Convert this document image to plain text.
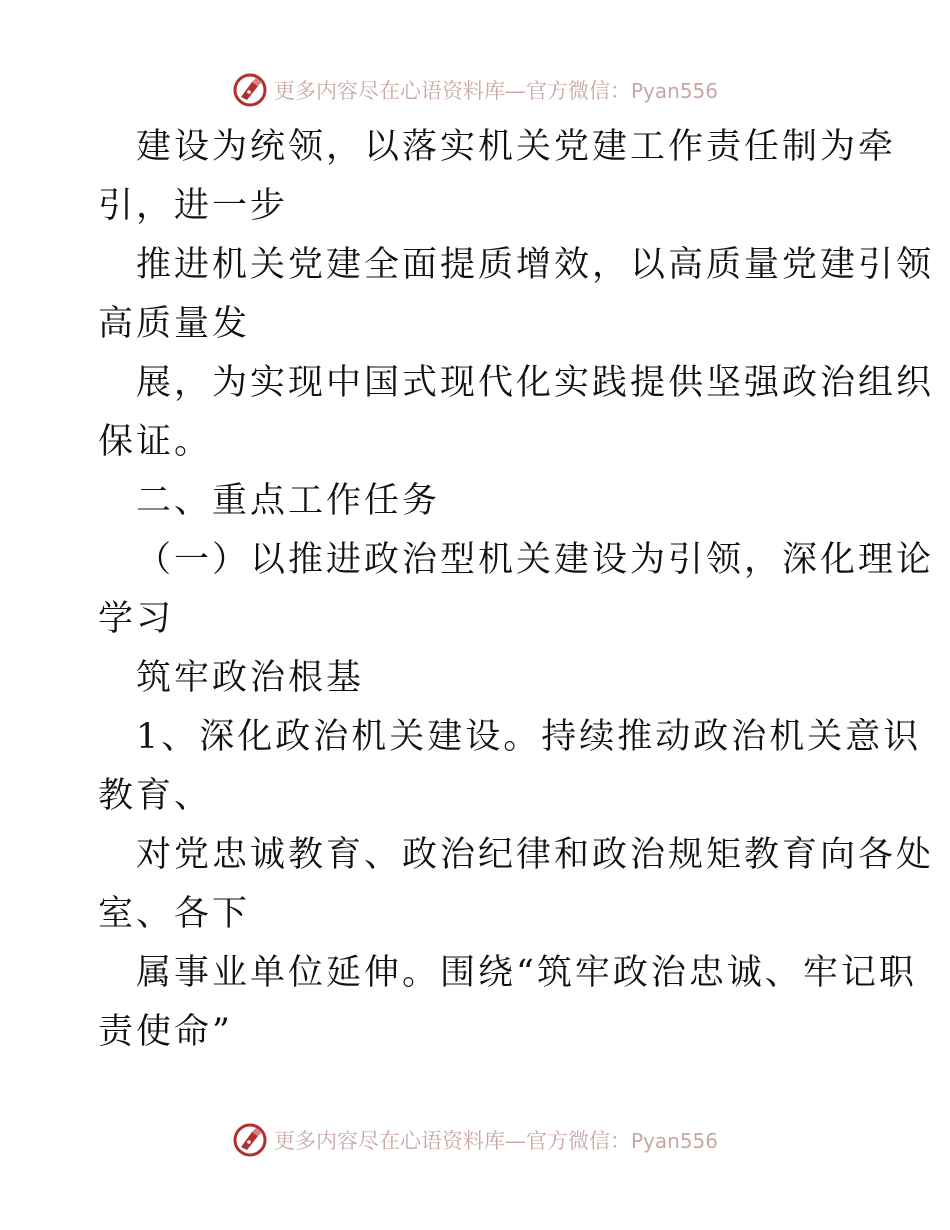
更多内容尽在心语资料库—官方微信：Pyan556
建设为统领，以落实机关党建工作责任制为牵
引，进一步
推进机关党建全面提质增效，以高质量党建引领
高质量发
展，为实现中国式现代化实践提供坚强政治组织
保证。
二、重点工作任务
（一）以推进政治型机关建设为引领，深化理论
学习
筑牢政治根基
1、深化政治机关建设。持续推动政治机关意识
教育、
对党忠诚教育、政治纪律和政治规矩教育向各处
室、各下
属事业单位延伸。围绕“筑牢政治忠诚、牢记职
责使命”
更多内容尽在心语资料库—官方微信：Pyan556
